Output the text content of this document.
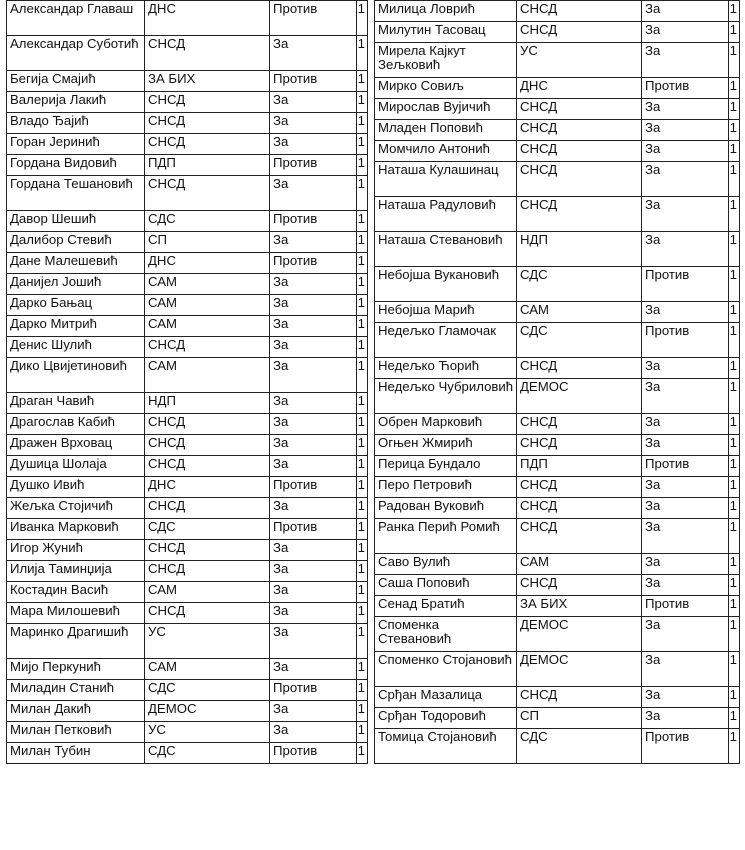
Александар Главаш	ДНС	Против	1
Александар Суботић	СНСД	За	1
Бегија Смајић	ЗА БИХ	Против	1
Валерија Лакић	СНСД	За	1
Владо Ђајић	СНСД	За	1
Горан Јеринић	СНСД	За	1
Гордана Видовић	ПДП	Против	1
Гордана Тешановић	СНСД	За	1
Давор Шешић	СДС	Против	1
Далибор Стевић	СП	За	1
Дане Малешевић	ДНС	Против	1
Данијел Јошић	САМ	За	1
Дарко Бањац	САМ	За	1
Дарко Митрић	САМ	За	1
Денис Шулић	СНСД	За	1
Дико Цвијетиновић	САМ	За	1
Драган Чавић	НДП	За	1
Драгослав Кабић	СНСД	За	1
Дражен Врховац	СНСД	За	1
Душица Шолаја	СНСД	За	1
Душко Ивић	ДНС	Против	1
Жељка Стојичић	СНСД	За	1
Иванка Марковић	СДС	Против	1
Игор Жунић	СНСД	За	1
Илија Таминџија	СНСД	За	1
Костадин Васић	САМ	За	1
Мара Милошевић	СНСД	За	1
Маринко Драгишић	УС	За	1
Мијо Перкунић	САМ	За	1
Миладин Станић	СДС	Против	1
Милан Дакић	ДЕМОС	За	1
Милан Петковић	УС	За	1
Милан Тубин	СДС	Против	1
Милица Ловрић	СНСД	За	1
Милутин Тасовац	СНСД	За	1
Мирела Кајкут Зељковић	УС	За	1
Мирко Совиљ	ДНС	Против	1
Мирослав Вујичић	СНСД	За	1
Младен Поповић	СНСД	За	1
Момчило Антонић	СНСД	За	1
Наташа Кулашинац	СНСД	За	1
Наташа Радуловић	СНСД	За	1
Наташа Стевановић	НДП	За	1
Небојша Вукановић	СДС	Против	1
Небојша Марић	САМ	За	1
Недељко Гламочак	СДС	Против	1
Недељко Ћорић	СНСД	За	1
Недељко Чубриловић	ДЕМОС	За	1
Обрен Марковић	СНСД	За	1
Огњен Жмирић	СНСД	За	1
Перица Бундало	ПДП	Против	1
Перо Петровић	СНСД	За	1
Радован Вуковић	СНСД	За	1
Ранка Перић Ромић	СНСД	За	1
Саво Вулић	САМ	За	1
Саша Поповић	СНСД	За	1
Сенад Братић	ЗА БИХ	Против	1
Споменка Стевановић	ДЕМОС	За	1
Споменко Стојановић	ДЕМОС	За	1
Срђан Мазалица	СНСД	За	1
Срђан Тодоровић	СП	За	1
Томица Стојановић	СДС	Против	1
